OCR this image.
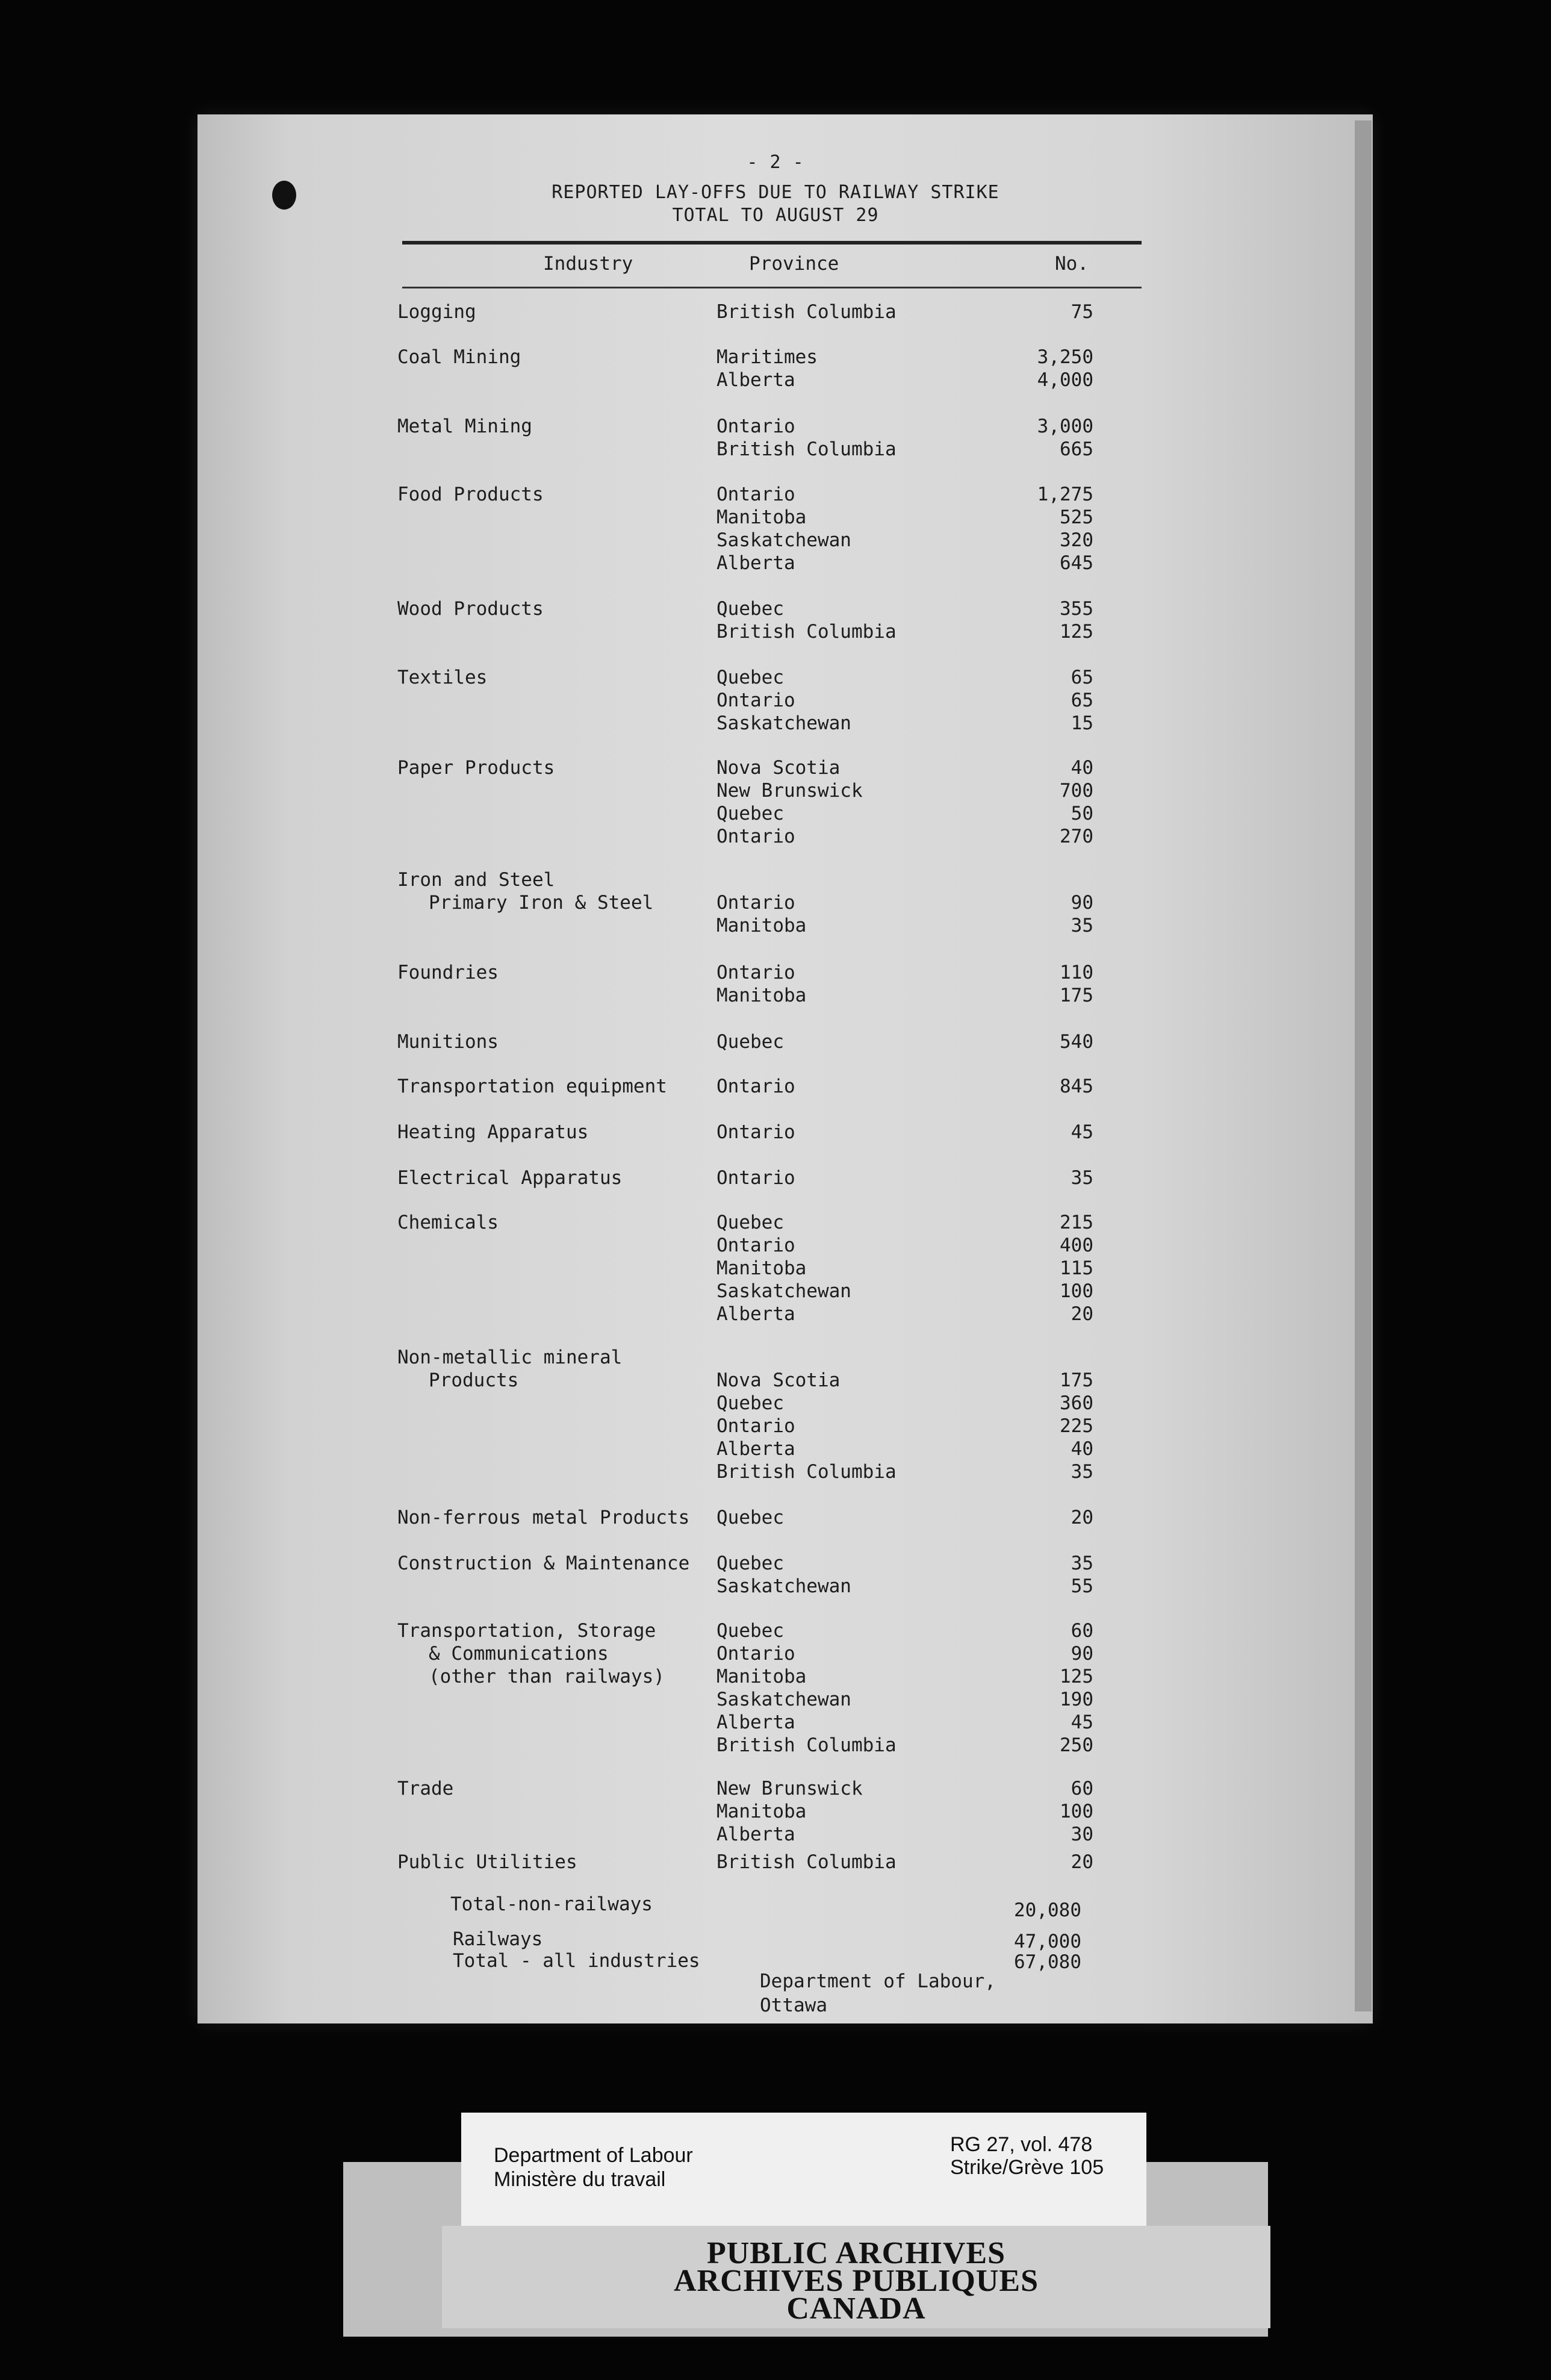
- 2 -
REPORTED LAY-OFFS DUE TO RAILWAY STRIKE
TOTAL TO AUGUST 29
Industry	Province	No.
Logging	British Columbia	75
Coal Mining	Maritimes	3,250
Alberta	4,000
Metal Mining	Ontario	3,000
British Columbia	665
Food Products	Ontario	1,275
Manitoba	525
Saskatchewan	320
Alberta	645
Wood Products	Quebec	355
British Columbia	125
Textiles	Quebec	65
Ontario	65
Saskatchewan	15
Paper Products	Nova Scotia	40
New Brunswick	700
Quebec	50
Ontario	270
Iron and Steel
Primary Iron & Steel	Ontario	90
Manitoba	35
Foundries	Ontario	110
Manitoba	175
Munitions	Quebec	540
Transportation equipment	Ontario	845
Heating Apparatus	Ontario	45
Electrical Apparatus	Ontario	35
Chemicals	Quebec	215
Ontario	400
Manitoba	115
Saskatchewan	100
Alberta	20
Non-metallic mineral
Products	Nova Scotia	175
Quebec	360
Ontario	225
Alberta	40
British Columbia	35
Non-ferrous metal Products Quebec	20
Construction & Maintenance Quebec	35
Saskatchewan	55
Transportation, Storage	Quebec	60
& Communications	Ontario	90
(other than railways)	Manitoba	125
Saskatchewan	190
Alberta	45
British Columbia	250
Trade	New Brunswick	60
Manitoba	100
Alberta	30
Public Utilities	British Columbia	20
Total-non-railways	20,080
Railways	47,000
Total - all industries	67,080
Department of Labour,
Ottawa
Department of Labour
Ministère du travail
RG 27, vol. 478
Strike/Grève 105
PUBLIC ARCHIVES
ARCHIVES PUBLIQUES
CANADA
